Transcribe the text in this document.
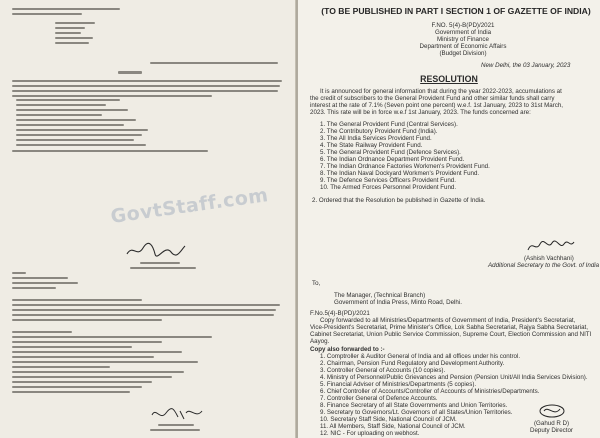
GovtStaff.com
(TO BE PUBLISHED IN PART I SECTION 1 OF GAZETTE OF INDIA)
F.NO. 5(4)-B(PD)/2021
Government of India
Ministry of Finance
Department of Economic Affairs
(Budget Division)
New Delhi, the 03 January, 2023
RESOLUTION
It is announced for general information that during the year 2022-2023, accumulations at
the credit of subscribers to the General Provident Fund and other similar funds shall carry
interest at the rate of 7.1% (Seven point one percent) w.e.f. 1st January, 2023 to 31st March,
2023. This rate will be in force w.e.f 1st January, 2023. The funds concerned are:
1. The General Provident Fund (Central Services).
2. The Contributory Provident Fund (India).
3. The All India Services Provident Fund.
4. The State Railway Provident Fund.
5. The General Provident Fund (Defence Services).
6. The Indian Ordnance Department Provident Fund.
7. The Indian Ordnance Factories Workmen's Provident Fund.
8. The Indian Naval Dockyard Workmen's Provident Fund.
9. The Defence Services Officers Provident Fund.
10. The Armed Forces Personnel Provident Fund.
2. Ordered that the Resolution be published in Gazette of India.
(Ashish Vachhani)
Additional Secretary to the Govt. of India
To,
The Manager, (Technical Branch)
Government of India Press, Minto Road, Delhi.
F.No.5(4)-B(PD)/2021
Copy forwarded to all Ministries/Departments of Government of India, President's Secretariat,
Vice-President's Secretariat, Prime Minister's Office, Lok Sabha Secretariat, Rajya Sabha Secretariat,
Cabinet Secretariat, Union Public Service Commission, Supreme Court, Election Commission and NITI
Aayog.
Copy also forwarded to :-
1. Comptroller & Auditor General of India and all offices under his control.
2. Chairman, Pension Fund Regulatory and Development Authority.
3. Controller General of Accounts (10 copies).
4. Ministry of Personnel/Public Grievances and Pension (Pension Unit/All India Services Division).
5. Financial Adviser of Ministries/Departments (5 copies).
6. Chief Controller of Accounts/Controller of Accounts of Ministries/Departments.
7. Controller General of Defence Accounts.
8. Finance Secretary of all State Governments and Union Territories.
9. Secretary to Governors/Lt. Governors of all States/Union Territories.
10. Secretary Staff Side, National Council of JCM.
11. All Members, Staff Side, National Council of JCM.
12. NIC - For uploading on webhost.
(Gahud R D)
Deputy Director
